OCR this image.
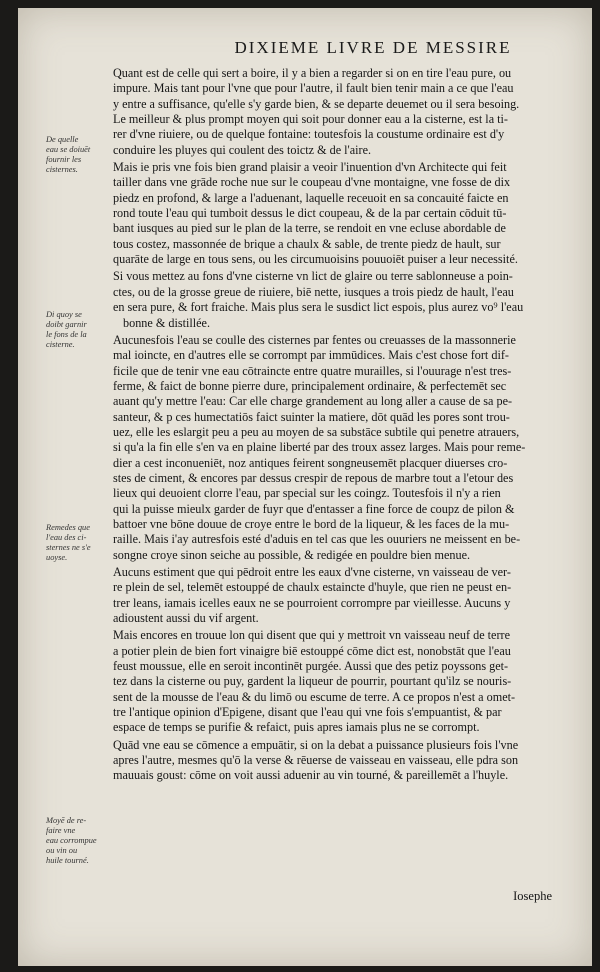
DIXIEME LIVRE DE MESSIRE
Quant est de celle qui sert a boire, il y a bien a regarder si on en tire l'eau pure, ou
impure. Mais tant pour l'vne que pour l'autre, il fault bien tenir main a ce que l'eau
y entre a suffisance, qu'elle s'y garde bien, & se departe deuemet ou il sera besoing.
Le meilleur & plus prompt moyen qui soit pour donner eau a la cisterne, est la ti-
rer d'vne riuiere, ou de quelque fontaine: toutesfois la coustume ordinaire est d'y
conduire les pluyes qui coulent des toictz & de l'aire.
Mais ie pris vne fois bien grand plaisir a veoir l'inuention d'vn Architecte qui feit
tailler dans vne grāde roche nue sur le coupeau d'vne montaigne, vne fosse de dix
piedz en profond, & large a l'aduenant, laquelle receuoit en sa concauité faicte en
rond toute l'eau qui tumboit dessus le dict coupeau, & de la par certain cōduit tū-
bant iusques au pied sur le plan de la terre, se rendoit en vne ecluse abordable de
tous costez, massonnée de brique a chaulx & sable, de trente piedz de hault, sur
quarāte de large en tous sens, ou les circumuoisins pouuoiēt puiser a leur necessité.
Si vous mettez au fons d'vne cisterne vn lict de glaire ou terre sablonneuse a poin-
ctes, ou de la grosse greue de riuiere, biē nette, iusques a trois piedz de hault, l'eau
en sera pure, & fort fraiche. Mais plus sera le susdict lict espois, plus aurez vo⁹ l'eau
bonne & distillée.
Aucunesfois l'eau se coulle des cisternes par fentes ou creuasses de la massonnerie
mal ioincte, en d'autres elle se corrompt par immūdices. Mais c'est chose fort dif-
ficile que de tenir vne eau cōtraincte entre quatre murailles, si l'ouurage n'est tres-
ferme, & faict de bonne pierre dure, principalement ordinaire, & perfectemēt sec
auant qu'y mettre l'eau: Car elle charge grandement au long aller a cause de sa pe-
santeur, & p ces humectatiōs faict suinter la matiere, dōt quād les pores sont trou-
uez, elle les eslargit peu a peu au moyen de sa substāce subtile qui penetre atrauers,
si qu'a la fin elle s'en va en plaine liberté par des troux assez larges. Mais pour reme-
dier a cest inconueniēt, noz antiques feirent songneusemēt placquer diuerses cro-
stes de ciment, & encores par dessus crespir de repous de marbre tout a l'etour des
lieux qui deuoient clorre l'eau, par special sur les coingz. Toutesfois il n'y a rien
qui la puisse mieulx garder de fuyr que d'entasser a fine force de coupz de pilon &
battoer vne bōne douue de croye entre le bord de la liqueur, & les faces de la mu-
raille. Mais i'ay autresfois esté d'aduis en tel cas que les ouuriers ne meissent en be-
songne croye sinon seiche au possible, & redigée en pouldre bien menue.
Aucuns estiment que qui pēdroit entre les eaux d'vne cisterne, vn vaisseau de ver-
re plein de sel, telemēt estouppé de chaulx estaincte d'huyle, que rien ne peust en-
trer leans, iamais icelles eaux ne se pourroient corrompre par vieillesse. Aucuns y
adioustent aussi du vif argent.
Mais encores en trouue lon qui disent que qui y mettroit vn vaisseau neuf de terre
a potier plein de bien fort vinaigre biē estouppé cōme dict est, nonobstāt que l'eau
feust moussue, elle en seroit incontinēt purgée. Aussi que des petiz poyssons get-
tez dans la cisterne ou puy, gardent la liqueur de pourrir, pourtant qu'ilz se nouris-
sent de la mousse de l'eau & du limō ou escume de terre. A ce propos n'est a omet-
tre l'antique opinion d'Epigene, disant que l'eau qui vne fois s'empuantist, & par
espace de temps se purifie & refaict, puis apres iamais plus ne se corrompt.
Quād vne eau se cōmence a empuātir, si on la debat a puissance plusieurs fois l'vne
apres l'autre, mesmes qu'ō la verse & rēuerse de vaisseau en vaisseau, elle pdra son
mauuais goust: cōme on voit aussi aduenir au vin tourné, & pareillemēt a l'huyle.
De quelle
eau se doiuēt
fournir les
cisternes.
Di quoy se
doibt garnir
le fons de la
cisterne.
Remedes que
l'eau des ci-
sternes ne s'e
uoyse.
Moyē de re-
faire vne
eau corrompue
ou vin ou
huile tourné.
Iosephe
